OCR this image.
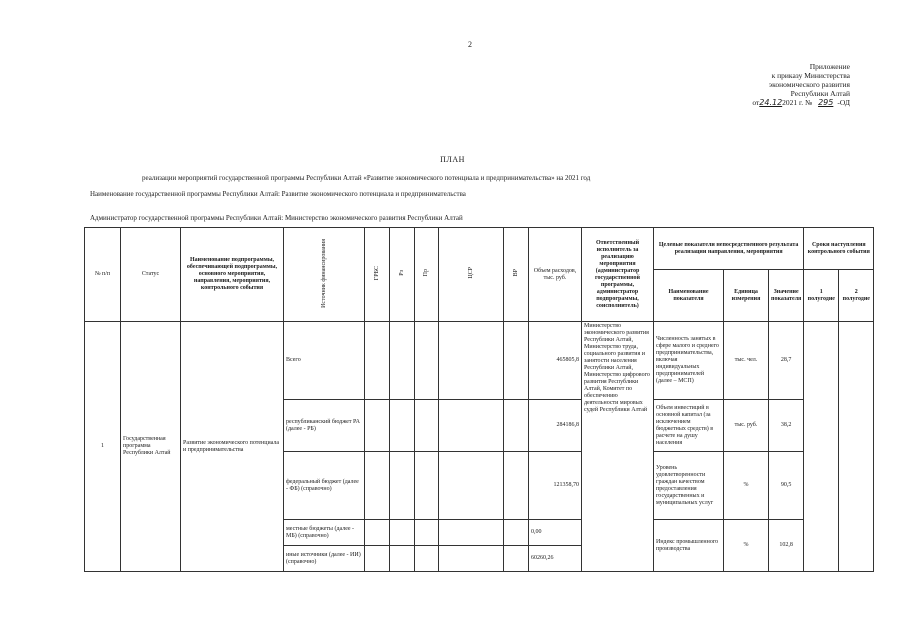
2
Приложение
к приказу Министерства
экономического развития
Республики Алтай
от24.122021 г. № 295 -ОД
ПЛАН
реализации мероприятий государственной программы Республики Алтай «Развитие экономического потенциала и предпринимательства» на 2021 год
Наименование государственной программы Республики Алтай: Развитие экономического потенциала и предпринимательства
Администратор государственной программы Республики Алтай: Министерство экономического развития Республики Алтай
№ п/п	Статус	Наименование подпрограммы, обеспечивающей подпрограммы, основного мероприятия, направления, мероприятия, контрольного события	Источник финансирования	ГРБС	Рз	Пр	ЦСР	ВР	Объем расходов, тыс. руб.	Ответственный исполнитель за реализацию мероприятия (администратор государственной программы, администратор подпрограммы, соисполнитель)	Целевые показатели непосредственного результата реализации направления, мероприятия			Сроки наступления контрольного события	
											Наименование показателя	Единица измерения	Значение показателя	1 полугодие	2 полугодие
1	Государственная программа Республики Алтай	Развитие экономического потенциала и предпринимательства	Всего						465805,8	Министерство экономического развития Республики Алтай, Министерство труда, социального развития и занятости населения Республики Алтай, Министерство цифрового развития Республики Алтай, Комитет по обеспечению деятельности мировых судей Республики Алтай	Численность занятых в сфере малого и среднего предпринимательства, включая индивидуальных предпринимателей (далее – МСП)	тыс. чел.	28,7		
			республиканский бюджет РА (далее - РБ)						284186,8		Объем инвестиций в основной капитал (за исключением бюджетных средств) в расчете на душу населения	тыс. руб.	38,2		
			федеральный бюджет (далее - ФБ) (справочно)						121358,70		Уровень удовлетворенности граждан качеством предоставления государственных и муниципальных услуг	%	90,5		
			местные бюджеты (далее - МБ) (справочно)						0,00		Индекс промышленного производства	%	102,8		
			иные источники (далее - ИИ) (справочно)						60260,26						
